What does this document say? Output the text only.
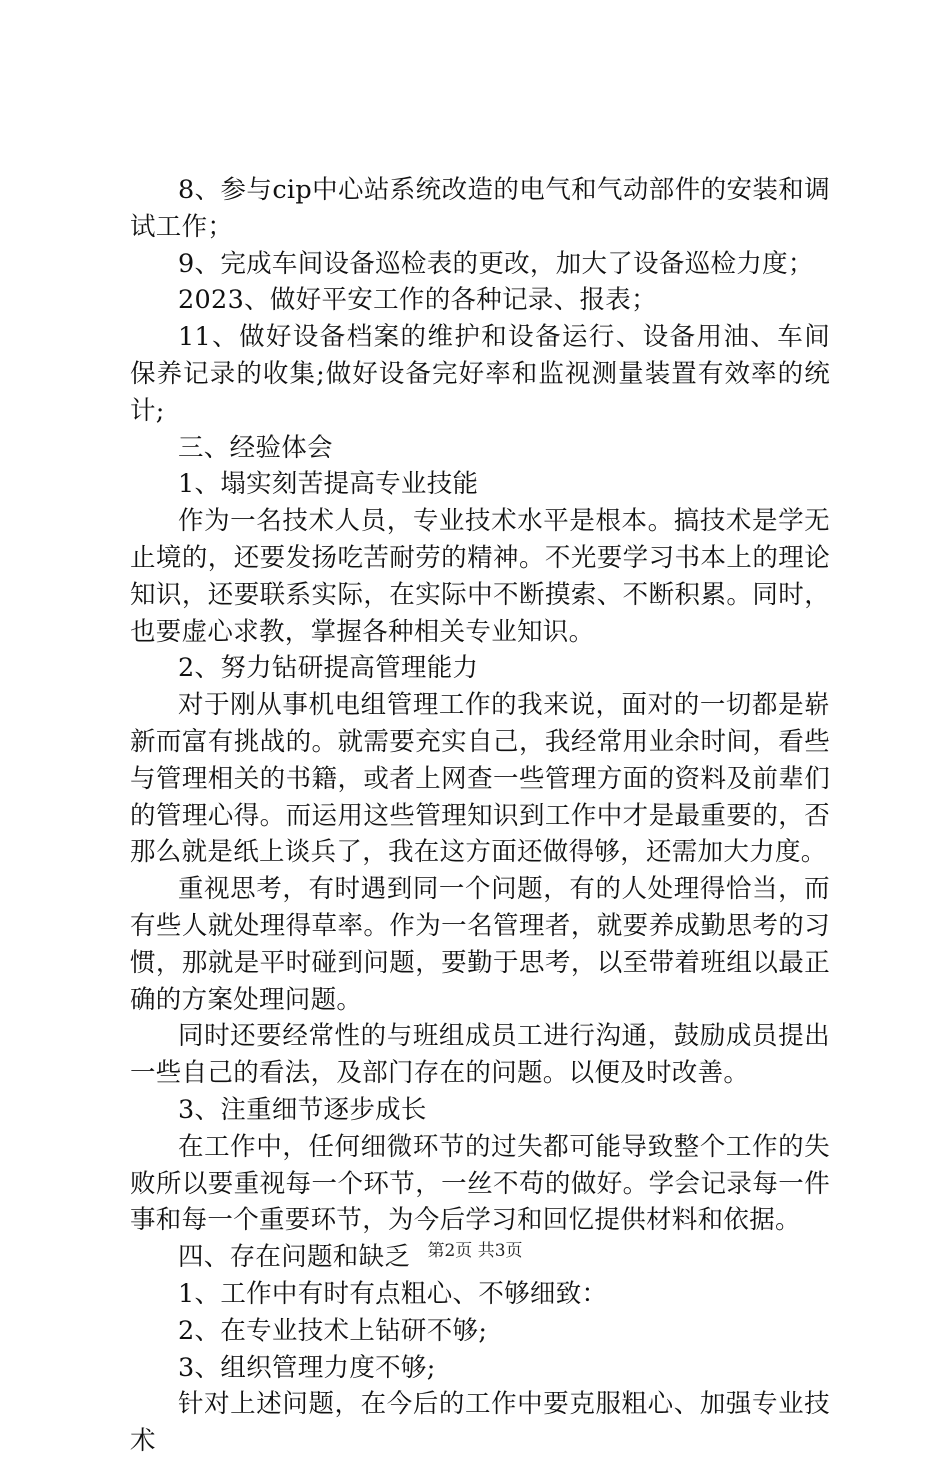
8、参与cip中心站系统改造的电气和气动部件的安装和调试工作；

9、完成车间设备巡检表的更改，加大了设备巡检力度；

2023、做好平安工作的各种记录、报表；

11、做好设备档案的维护和设备运行、设备用油、车间保养记录的收集;做好设备完好率和监视测量装置有效率的统计;

三、经验体会

1、塌实刻苦提高专业技能

作为一名技术人员，专业技术水平是根本。搞技术是学无止境的，还要发扬吃苦耐劳的精神。不光要学习书本上的理论知识，还要联系实际，在实际中不断摸索、不断积累。同时，也要虚心求教，掌握各种相关专业知识。

2、努力钻研提高管理能力

对于刚从事机电组管理工作的我来说，面对的一切都是崭新而富有挑战的。就需要充实自己，我经常用业余时间，看些与管理相关的书籍，或者上网查一些管理方面的资料及前辈们的管理心得。而运用这些管理知识到工作中才是最重要的，否那么就是纸上谈兵了，我在这方面还做得够，还需加大力度。

重视思考，有时遇到同一个问题，有的人处理得恰当，而有些人就处理得草率。作为一名管理者，就要养成勤思考的习惯，那就是平时碰到问题，要勤于思考，以至带着班组以最正确的方案处理问题。

同时还要经常性的与班组成员工进行沟通，鼓励成员提出一些自己的看法，及部门存在的问题。以便及时改善。

3、注重细节逐步成长

在工作中，任何细微环节的过失都可能导致整个工作的失败所以要重视每一个环节，一丝不苟的做好。学会记录每一件事和每一个重要环节，为今后学习和回忆提供材料和依据。

四、存在问题和缺乏

1、工作中有时有点粗心、不够细致：

2、在专业技术上钻研不够;

3、组织管理力度不够;

针对上述问题，在今后的工作中要克服粗心、加强专业技术

第2页 共3页
